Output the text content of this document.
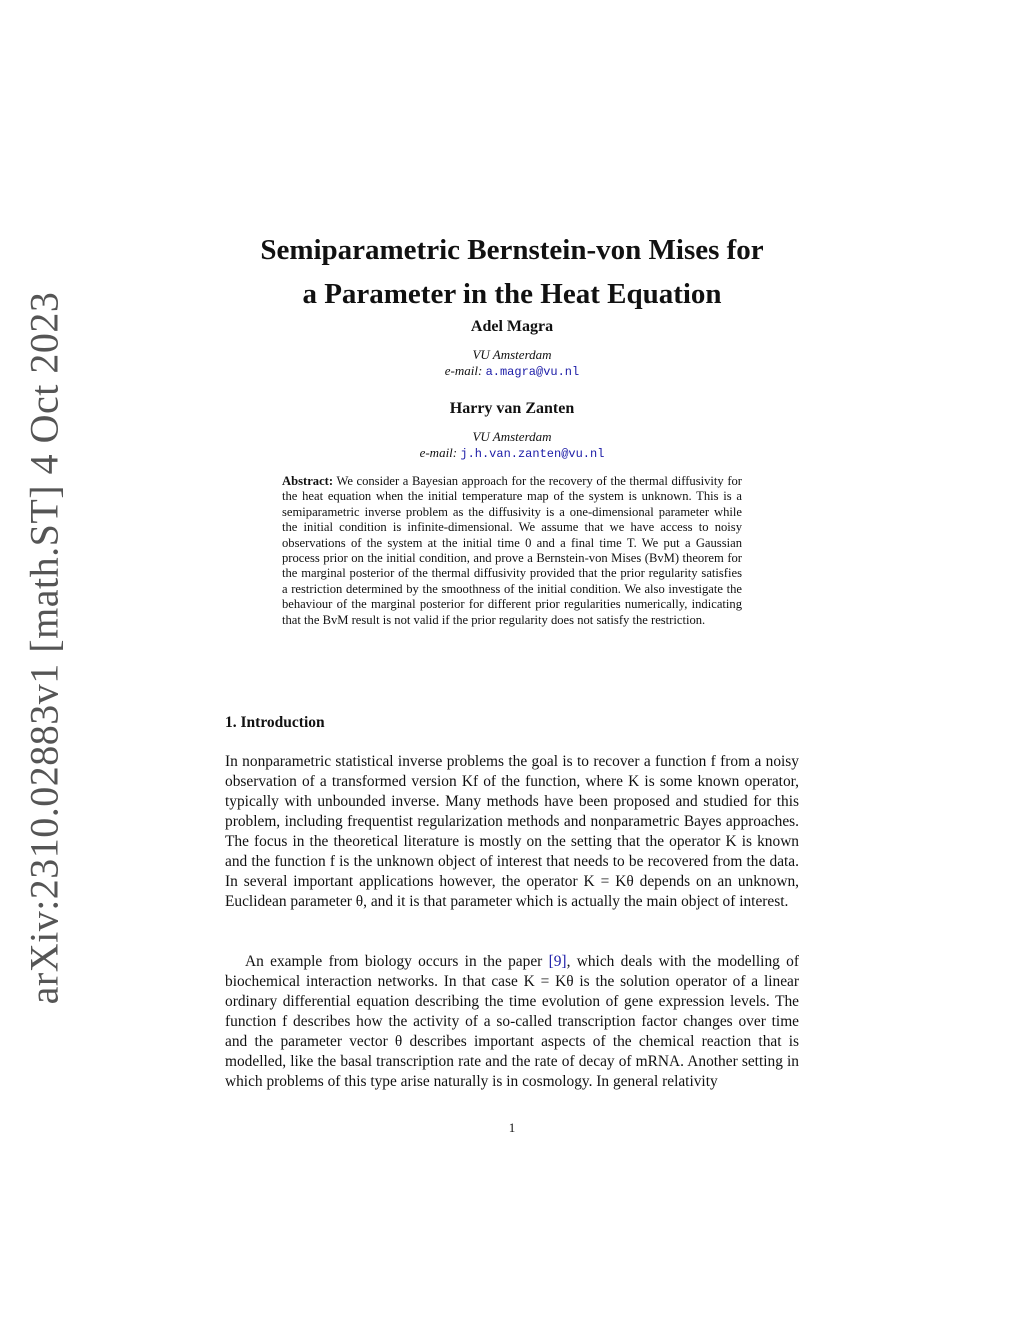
arXiv:2310.02883v1 [math.ST] 4 Oct 2023
Semiparametric Bernstein-von Mises for
a Parameter in the Heat Equation
Adel Magra
VU Amsterdam
e-mail: a.magra@vu.nl
Harry van Zanten
VU Amsterdam
e-mail: j.h.van.zanten@vu.nl

Abstract: We consider a Bayesian approach for the recovery of the thermal diffusivity for the heat equation when the initial temperature map of the system is unknown. This is a semiparametric inverse problem as the diffusivity is a one-dimensional parameter while the initial condition is infinite-dimensional. We assume that we have access to noisy observations of the system at the initial time 0 and a final time T. We put a Gaussian process prior on the initial condition, and prove a Bernstein-von Mises (BvM) theorem for the marginal posterior of the thermal diffusivity provided that the prior regularity satisfies a restriction determined by the smoothness of the initial condition. We also investigate the behaviour of the marginal posterior for different prior regularities numerically, indicating that the BvM result is not valid if the prior regularity does not satisfy the restriction.

1. Introduction

In nonparametric statistical inverse problems the goal is to recover a function f from a noisy observation of a transformed version Kf of the function, where K is some known operator, typically with unbounded inverse. Many methods have been proposed and studied for this problem, including frequentist regularization methods and nonparametric Bayes approaches. The focus in the theoretical literature is mostly on the setting that the operator K is known and the function f is the unknown object of interest that needs to be recovered from the data. In several important applications however, the operator K = Kθ depends on an unknown, Euclidean parameter θ, and it is that parameter which is actually the main object of interest.

An example from biology occurs in the paper [9], which deals with the modelling of biochemical interaction networks. In that case K = Kθ is the solution operator of a linear ordinary differential equation describing the time evolution of gene expression levels. The function f describes how the activity of a so-called transcription factor changes over time and the parameter vector θ describes important aspects of the chemical reaction that is modelled, like the basal transcription rate and the rate of decay of mRNA. Another setting in which problems of this type arise naturally is in cosmology. In general relativity

1
